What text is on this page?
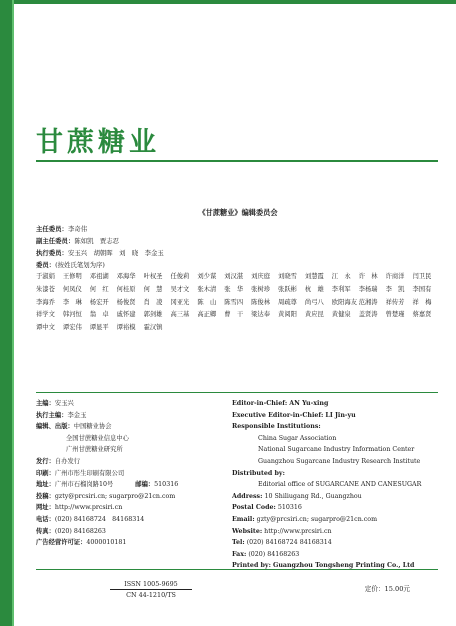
甘蔗糖业
《甘蔗糖业》编辑委员会
主任委员：李奇伟
副主任委员：陈如凯　贾志忍
执行委员：安玉兴　胡朝晖　刘　晓　李金玉
委员：(按姓氏笔划为序)
于淑娟	王修明	邓祖湖	邓海华	叶权圣	任俊莉	刘少谋	刘汉湛	刘庆庭	刘晓雪	刘慧霞	江　永	许　林	许商洋	闫卫民
朱漆苍	何凤仪	何　红	何桂原	何　慧	吴才文	张木清	张　华	张树珍	张跃彬	杭　雄	李利军	李杨瑞	李　凯	李国有
李海乔	李　琳	杨宏开	杨俊贤	肖　凌	冈亚光	陈　山	陈雪四	陈俊林	周疏尊	尚弓八	欧阳海友 范湘涛	祥传芳	祥　梅
祥学文	韩河恒	翁　卓	戚怀建	郭剑雄	高三基	高正卿	曹　干	梁达奉	黄阅阳	黄应昆	黄健泉	盖贤涛	曾楚瑾	蔡嘉贤
谭中文	谭宏伟	谭显平	谭裕模	霍汉镇
主编：安玉兴
执行主编：李金玉
编辑、出版：中国糖业协会
全国甘蔗糖业信息中心
广州甘蔗糖业研究所
发行：自办发行
印刷：广州市彤生印刷有限公司
地址：广州市石榴岗路10号	邮编：510316
投稿：gzty@prcsiri.cn; sugarpro@21cn.com
网址：http://www.prcsiri.cn
电话：(020) 84168724　84168314
传真：(020) 84168263
广告经营许可证：4000010181
Editor-in-Chief: AN Yu-xing
Executive Editor-in-Chief: LI Jin-yu
Responsible Institutions:
China Sugar Association
National Sugarcane Industry Information Center
Guangzhou Sugarcane Industry Research Institute
Distributed by:
Editorial office of SUGARCANE AND CANESUGAR
Address: 10 Shiliugang Rd., Guangzhou
Postal Code: 510316
Email: gzty@prcsiri.cn; sugarpro@21cn.com
Website: http://www.prcsiri.cn
Tel: (020) 84168724 84168314
Fax: (020) 84168263
Printed by: Guangzhou Tongsheng Printing Co., Ltd
ISSN 1005-9695
CN 44-1210/TS
定价：15.00元
